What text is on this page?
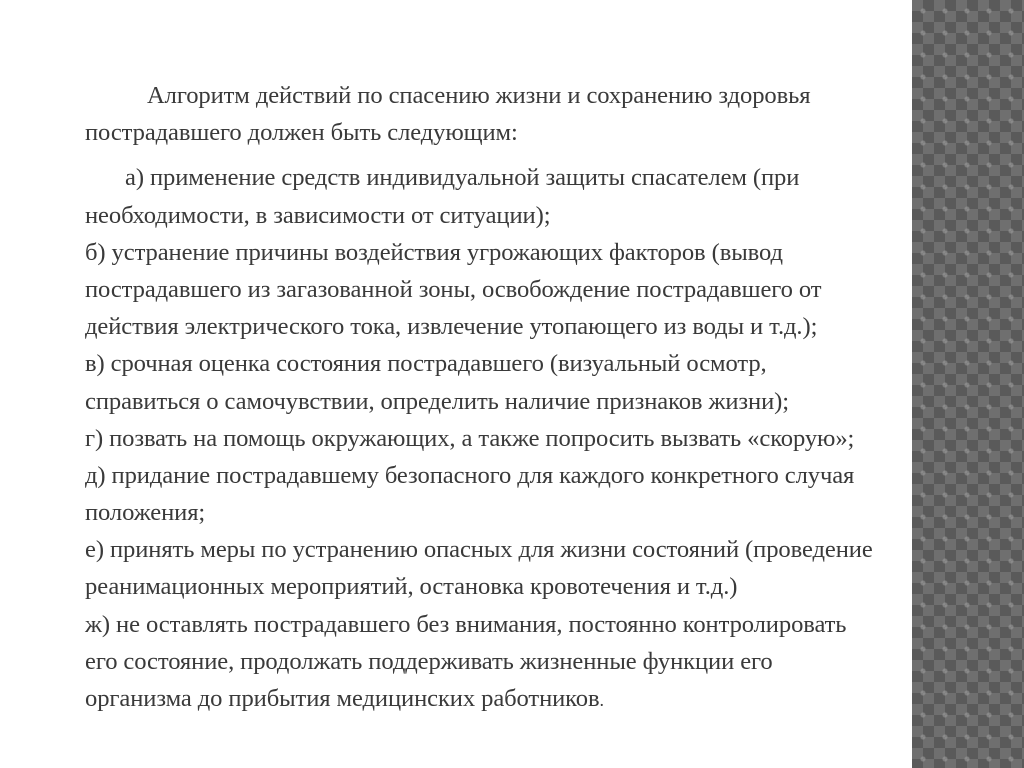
Алгоритм действий по спасению жизни и сохранению здоровья
пострадавшего должен быть следующим:
а) применение средств индивидуальной защиты спасателем (при
необходимости, в зависимости от ситуации);
б) устранение причины воздействия угрожающих факторов (вывод
пострадавшего из загазованной зоны, освобождение пострадавшего от
действия электрического тока, извлечение утопающего из воды и т.д.);
в) срочная оценка состояния пострадавшего (визуальный осмотр,
справиться о самочувствии, определить наличие признаков жизни);
г) позвать на помощь окружающих, а также попросить вызвать «скорую»;
д) придание пострадавшему безопасного для каждого конкретного случая
положения;
е) принять меры по устранению опасных для жизни состояний (проведение
реанимационных мероприятий, остановка кровотечения и т.д.)
ж) не оставлять пострадавшего без внимания, постоянно контролировать
его состояние, продолжать поддерживать жизненные функции его
организма до прибытия медицинских работников.
